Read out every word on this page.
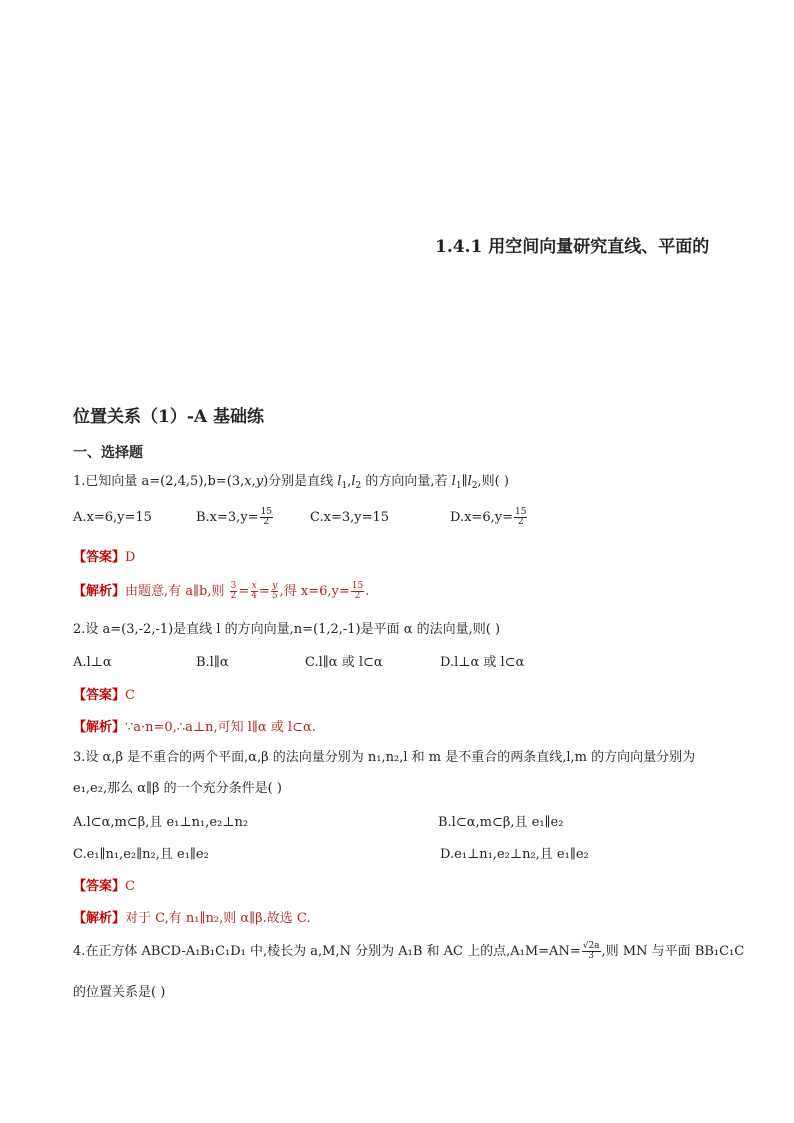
1.4.1 用空间向量研究直线、平面的
位置关系（1）-A 基础练
一、选择题
1.已知向量 a=(2,4,5),b=(3,x,y)分别是直线 $l_1,l_2$ 的方向向量,若 $l_1\parallel l_2$,则( )
A.x=6,y=15	$B.x=3,y= \frac{15}{2}$	C.x=3,y=15	$D.x=6,y= \frac{15}{2}$
【答案】D
【解析】由题意,有 a∥b,则 $\frac{3}{2} = \frac{x}{4} = \frac{y}{5}$ ,得 $x=6,y= \frac{15}{2}$ .
2.设 a=(3,-2,-1)是直线 l 的方向向量,n=(1,2,-1)是平面 α 的法向量,则( )
A.l⊥α	B.l∥α	C.l∥α 或 l⊂α	D.l⊥α 或 l⊂α
【答案】C
【解析】∵a·n=0,∴a⊥n,可知 l∥α 或 l⊂α.
3.设 α,β 是不重合的两个平面,α,β 的法向量分别为 n₁,n₂,l 和 m 是不重合的两条直线,l,m 的方向向量分别为
e₁,e₂,那么 α∥β 的一个充分条件是( )
A.l⊂α,m⊂β,且 e₁⊥n₁,e₂⊥n₂	B.l⊂α,m⊂β,且 e₁∥e₂
C.e₁∥n₁,e₂∥n₂,且 e₁∥e₂	D.e₁⊥n₁,e₂⊥n₂,且 e₁∥e₂
【答案】C
【解析】对于 C,有 n₁∥n₂,则 α∥β.故选 C.
4.在正方体 ABCD-A₁B₁C₁D₁ 中,棱长为 a,M,N 分别为 A₁B 和 AC 上的点$,A_1M=AN= \frac{√2a}{3}$ ,则 MN 与平面 BB₁C₁C
的位置关系是( )
